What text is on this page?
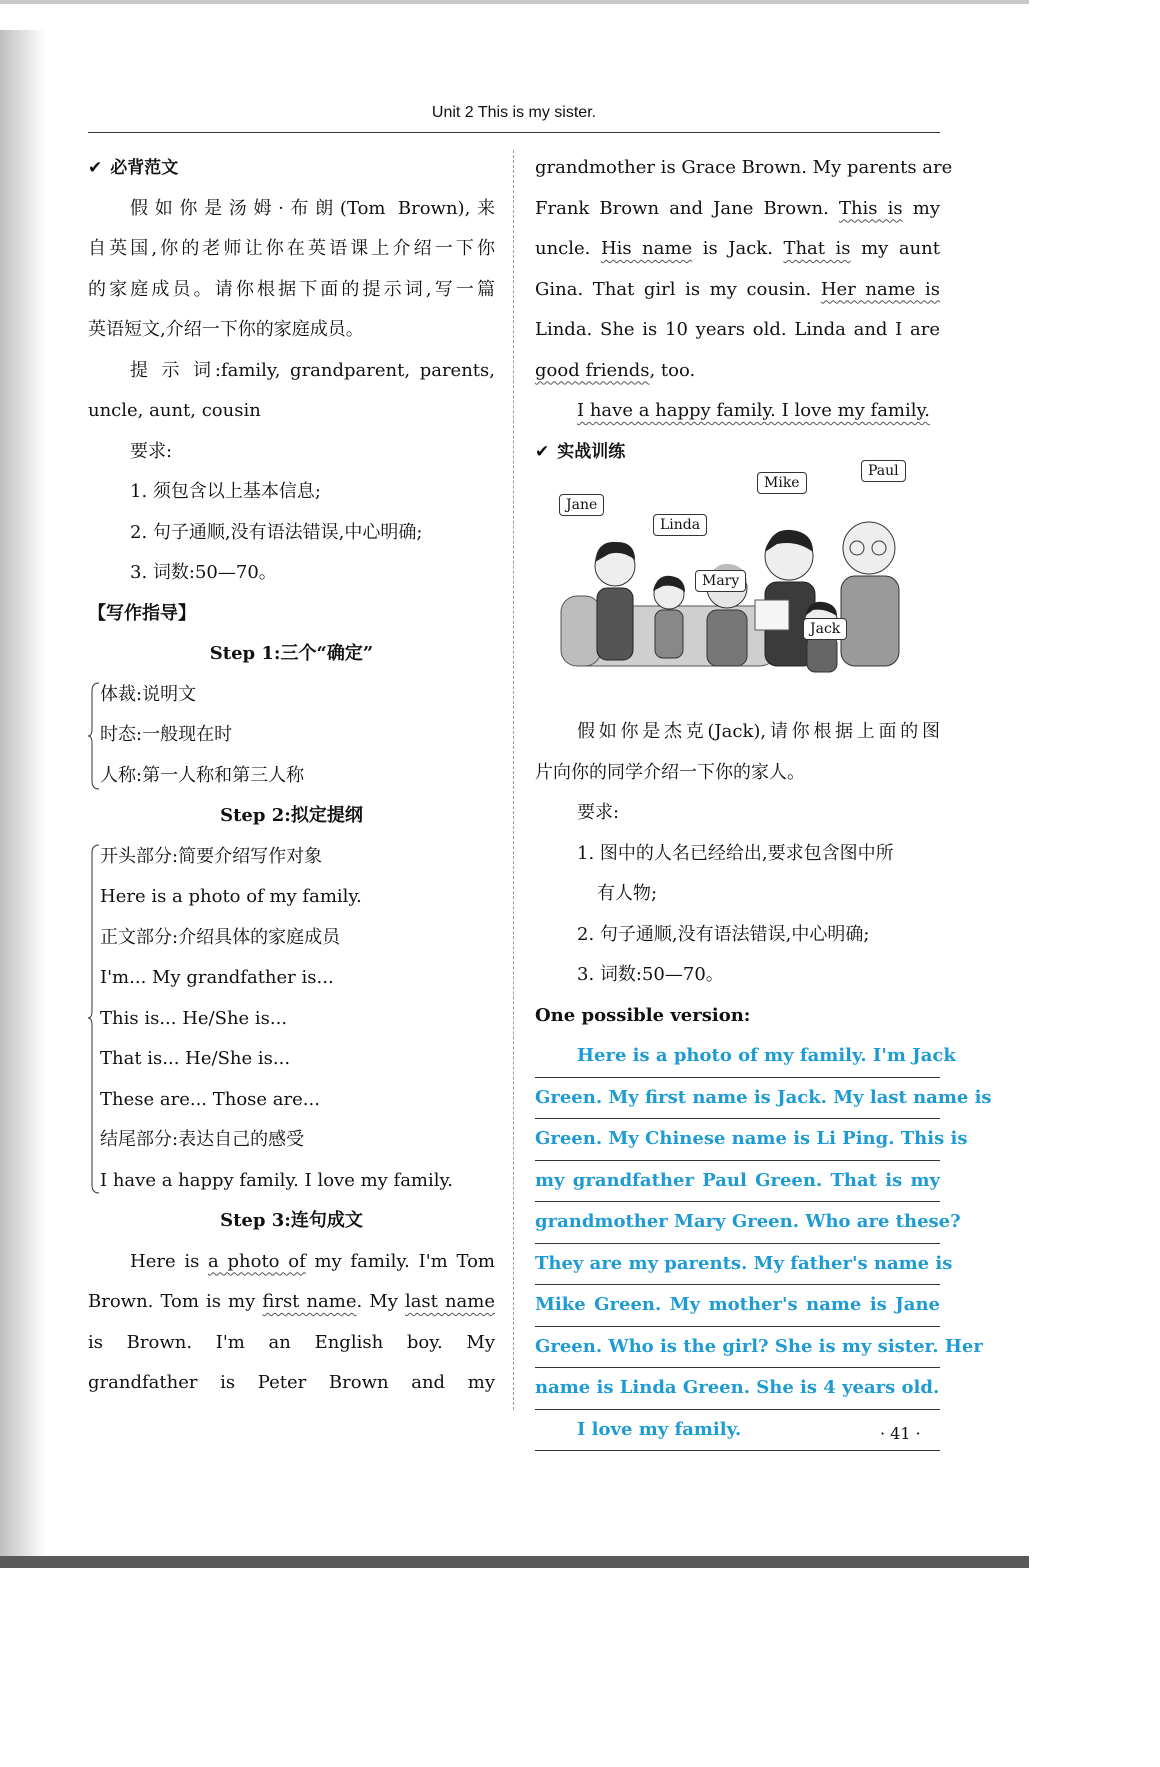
Unit 2 This is my sister.
✔ 必背范文
假如你是汤姆·布朗(Tom Brown),来
自英国,你的老师让你在英语课上介绍一下你
的家庭成员。请你根据下面的提示词,写一篇
英语短文,介绍一下你的家庭成员。
提 示 词:family, grandparent, parents,
uncle, aunt, cousin
要求:
1. 须包含以上基本信息;
2. 句子通顺,没有语法错误,中心明确;
3. 词数:50—70。
【写作指导】
Step 1:三个“确定”
体裁:说明文
时态:一般现在时
人称:第一人称和第三人称
Step 2:拟定提纲
开头部分:简要介绍写作对象
Here is a photo of my family.
正文部分:介绍具体的家庭成员
I'm... My grandfather is...
This is... He/She is...
That is... He/She is...
These are... Those are...
结尾部分:表达自己的感受
I have a happy family. I love my family.
Step 3:连句成文
Here is a photo of my family. I'm Tom
Brown. Tom is my first name. My last name
is Brown. I'm an English boy. My
grandfather is Peter Brown and my
grandmother is Grace Brown. My parents are
Frank Brown and Jane Brown. This is my
uncle. His name is Jack. That is my aunt
Gina. That girl is my cousin. Her name is
Linda. She is 10 years old. Linda and I are
good friends, too.
I have a happy family. I love my family.
✔ 实战训练
Jane
Linda
Mike
Paul
Mary
Jack
假如你是杰克(Jack),请你根据上面的图
片向你的同学介绍一下你的家人。
要求:
1. 图中的人名已经给出,要求包含图中所
有人物;
2. 句子通顺,没有语法错误,中心明确;
3. 词数:50—70。
One possible version:
Here is a photo of my family. I'm Jack
Green. My first name is Jack. My last name is
Green. My Chinese name is Li Ping. This is
my grandfather Paul Green. That is my
grandmother Mary Green. Who are these?
They are my parents. My father's name is
Mike Green. My mother's name is Jane
Green. Who is the girl? She is my sister. Her
name is Linda Green. She is 4 years old.
I love my family.	· 41 ·
